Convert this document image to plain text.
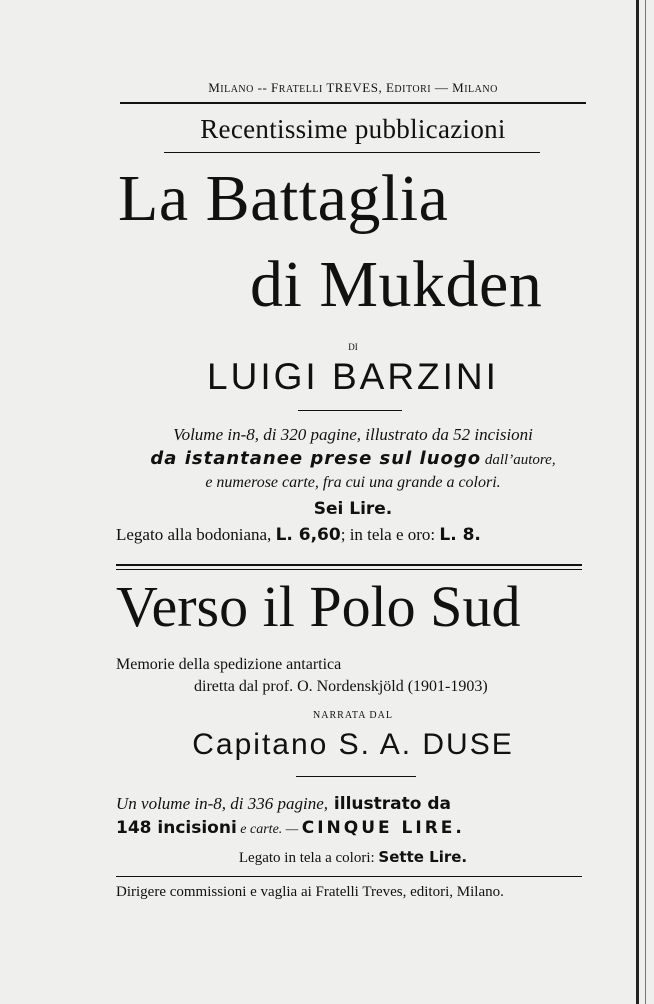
MILANO -- FRATELLI TREVES, EDITORI — MILANO
Recentissime pubblicazioni
La Battaglia
di Mukden
DI
LUIGI BARZINI
Volume in-8, di 320 pagine, illustrato da 52 incisioni
da istantanee prese sul luogo dall’autore,
e numerose carte, fra cui una grande a colori.
Sei Lire.
Legato alla bodoniana, L. 6,60; in tela e oro: L. 8.
Verso il Polo Sud
Memorie della spedizione antartica
diretta dal prof. O. Nordenskjöld (1901-1903)
NARRATA DAL
Capitano S. A. DUSE
Un volume in-8, di 336 pagine, illustrato da
148 incisioni e carte. — CINQUE LIRE.
Legato in tela a colori: Sette Lire.
Dirigere commissioni e vaglia ai Fratelli Treves, editori, Milano.
